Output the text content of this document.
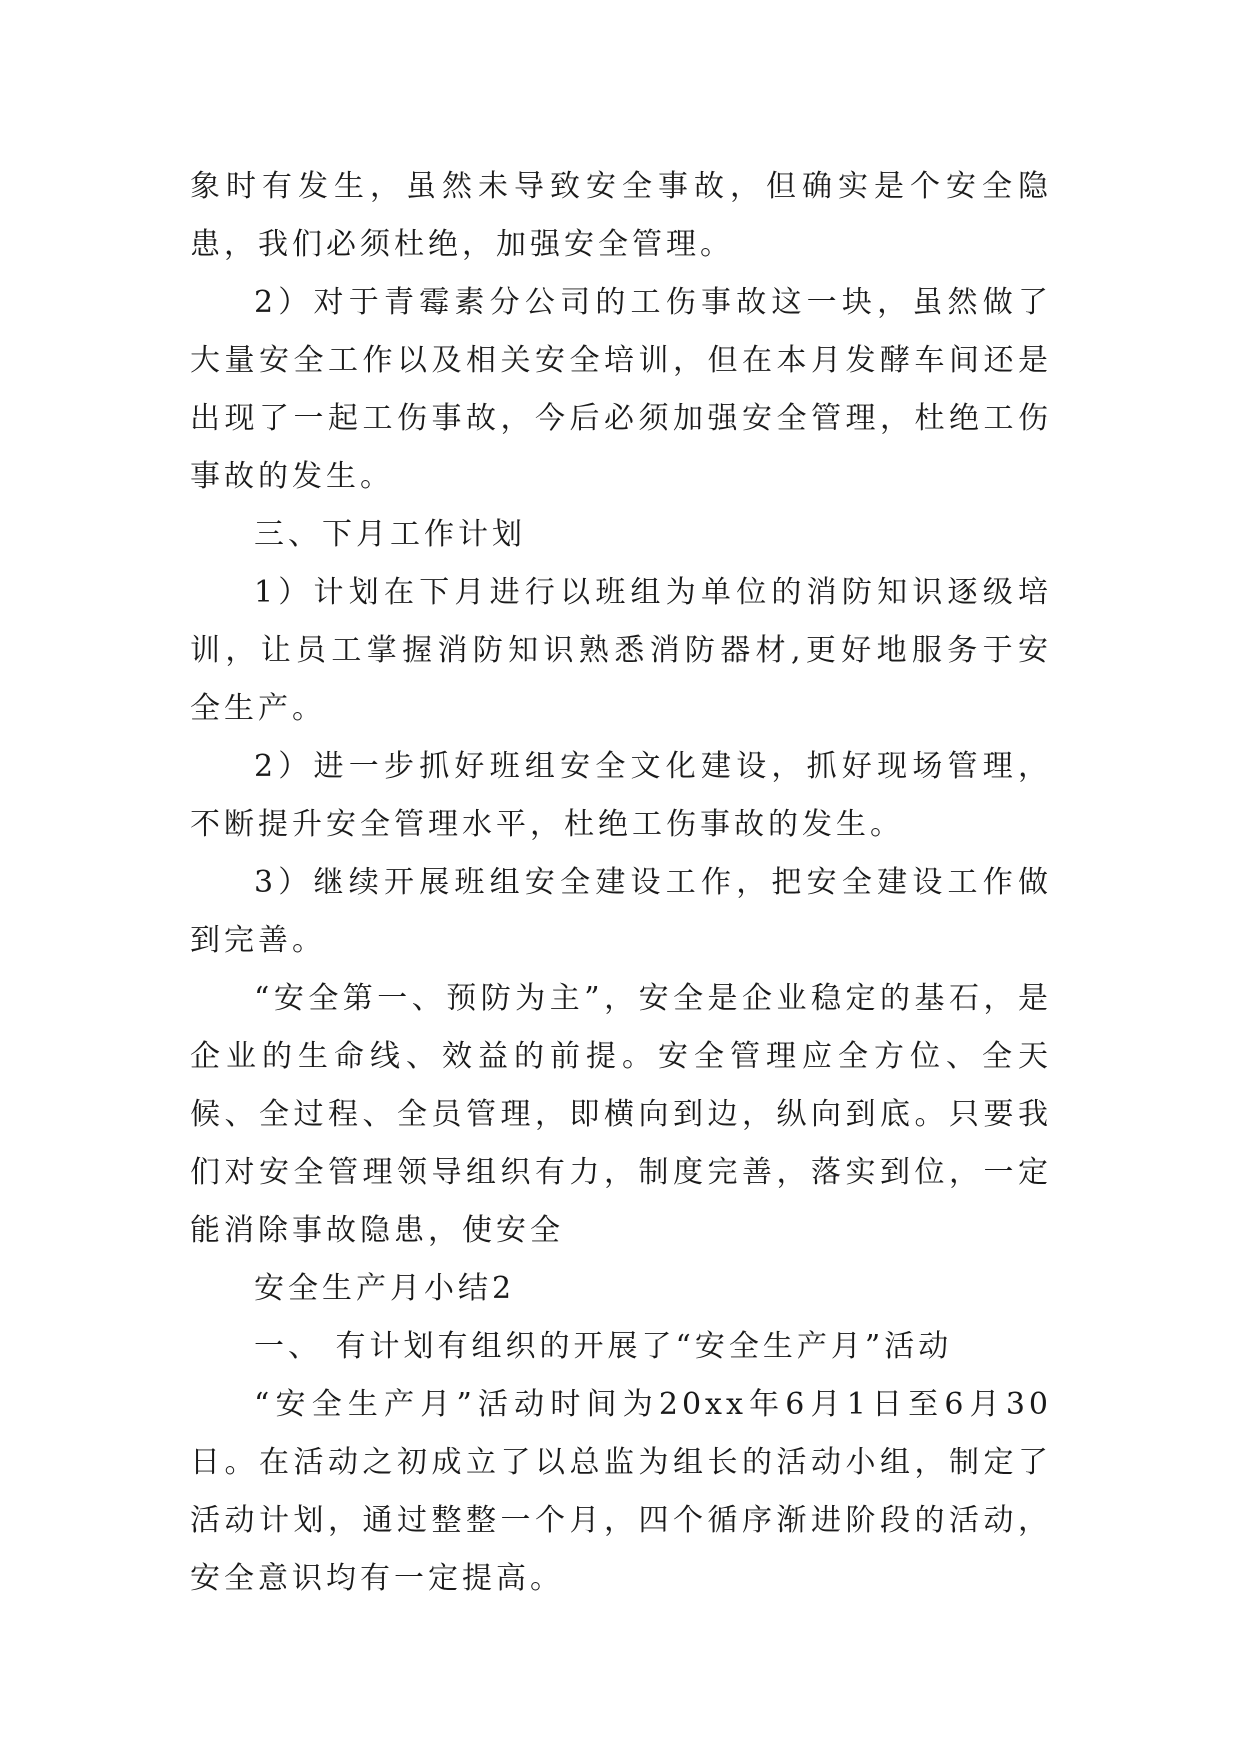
象时有发生，虽然未导致安全事故，但确实是个安全隐患，我们必须杜绝，加强安全管理。

2）对于青霉素分公司的工伤事故这一块，虽然做了大量安全工作以及相关安全培训，但在本月发酵车间还是出现了一起工伤事故，今后必须加强安全管理，杜绝工伤事故的发生。

三、下月工作计划

1）计划在下月进行以班组为单位的消防知识逐级培训，让员工掌握消防知识熟悉消防器材,更好地服务于安全生产。

2）进一步抓好班组安全文化建设，抓好现场管理，不断提升安全管理水平，杜绝工伤事故的发生。

3）继续开展班组安全建设工作，把安全建设工作做到完善。

“安全第一、预防为主”，安全是企业稳定的基石，是企业的生命线、效益的前提。安全管理应全方位、全天候、全过程、全员管理，即横向到边，纵向到底。只要我们对安全管理领导组织有力，制度完善，落实到位，一定能消除事故隐患，使安全

安全生产月小结2

一、 有计划有组织的开展了“安全生产月”活动

“安全生产月”活动时间为20xx年6月1日至6月30日。在活动之初成立了以总监为组长的活动小组，制定了活动计划，通过整整一个月，四个循序渐进阶段的活动，安全意识均有一定提高。
